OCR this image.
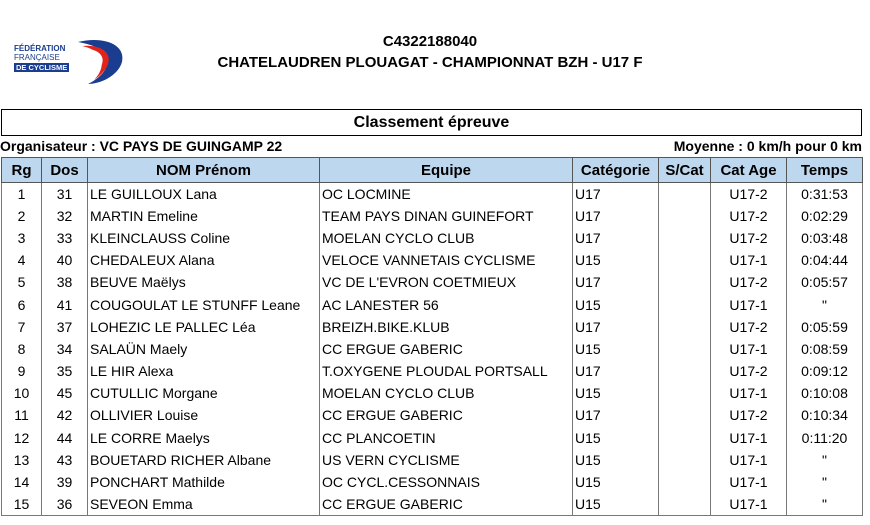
FÉDÉRATION
FRANÇAISE
DE CYCLISME
C4322188040
CHATELAUDREN PLOUAGAT - CHAMPIONNAT BZH - U17 F
Classement épreuve
Organisateur : VC PAYS DE GUINGAMP 22	Moyenne : 0 km/h pour 0 km
Rg	Dos	NOM Prénom	Equipe	Catégorie	S/Cat	Cat Age	Temps
1	31	LE GUILLOUX Lana	OC LOCMINE	U17		U17-2	0:31:53
2	32	MARTIN Emeline	TEAM PAYS DINAN GUINEFORT	U17		U17-2	0:02:29
3	33	KLEINCLAUSS Coline	MOELAN CYCLO CLUB	U17		U17-2	0:03:48
4	40	CHEDALEUX Alana	VELOCE VANNETAIS CYCLISME	U15		U17-1	0:04:44
5	38	BEUVE Maëlys	VC DE L'EVRON COETMIEUX	U17		U17-2	0:05:57
6	41	COUGOULAT LE STUNFF Leane	AC LANESTER 56	U15		U17-1	"
7	37	LOHEZIC LE PALLEC Léa	BREIZH.BIKE.KLUB	U17		U17-2	0:05:59
8	34	SALAÜN Maely	CC ERGUE GABERIC	U15		U17-1	0:08:59
9	35	LE HIR Alexa	T.OXYGENE PLOUDAL PORTSALL	U17		U17-2	0:09:12
10	45	CUTULLIC Morgane	MOELAN CYCLO CLUB	U15		U17-1	0:10:08
11	42	OLLIVIER Louise	CC ERGUE GABERIC	U17		U17-2	0:10:34
12	44	LE CORRE Maelys	CC PLANCOETIN	U15		U17-1	0:11:20
13	43	BOUETARD RICHER Albane	US VERN CYCLISME	U15		U17-1	"
14	39	PONCHART Mathilde	OC CYCL.CESSONNAIS	U15		U17-1	"
15	36	SEVEON Emma	CC ERGUE GABERIC	U15		U17-1	"
